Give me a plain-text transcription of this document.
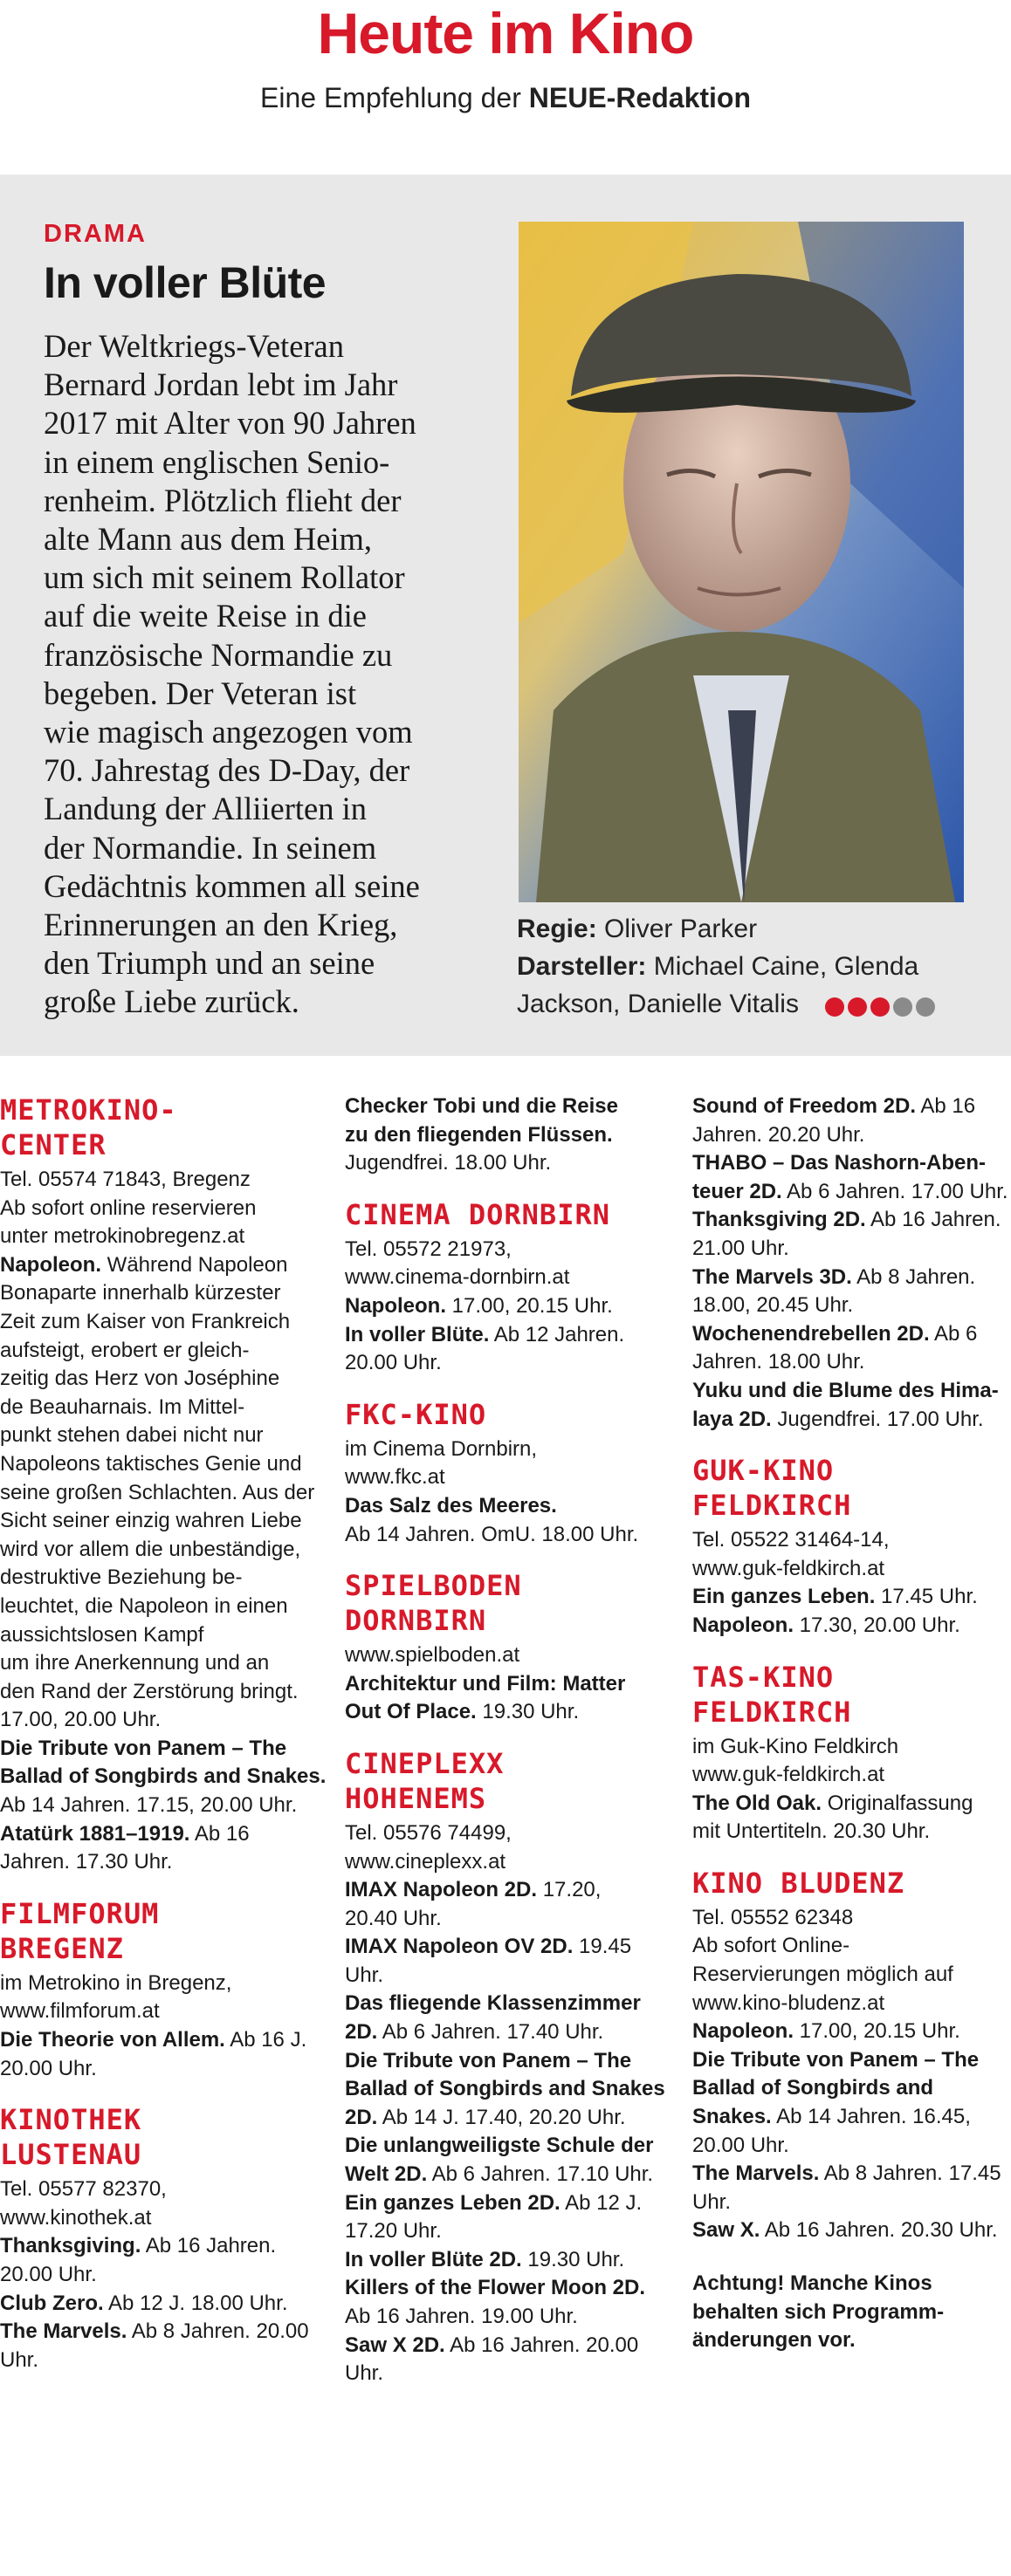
Heute im Kino
Eine Empfehlung der NEUE-Redaktion
DRAMA
In voller Blüte
Der Weltkriegs-Veteran
Bernard Jordan lebt im Jahr
2017 mit Alter von 90 Jahren
in einem englischen Senio-
renheim. Plötzlich flieht der
alte Mann aus dem Heim,
um sich mit seinem Rollator
auf die weite Reise in die
französische Normandie zu
begeben. Der Veteran ist
wie magisch angezogen vom
70. Jahrestag des D-Day, der
Landung der Alliierten in
der Normandie. In seinem
Gedächtnis kommen all seine
Erinnerungen an den Krieg,
den Triumph und an seine
große Liebe zurück.
Regie: Oliver Parker
Darsteller: Michael Caine, Glenda
Jackson, Danielle Vitalis
METROKINO-
CENTER

Tel. 05574 71843, Bregenz

Ab sofort online reservieren

unter metrokinobregenz.at

Napoleon. Während Napoleon

Bonaparte innerhalb kürzester

Zeit zum Kaiser von Frankreich

aufsteigt, erobert er gleich-

zeitig das Herz von Joséphine

de Beauharnais. Im Mittel-

punkt stehen dabei nicht nur

Napoleons taktisches Genie und

seine großen Schlachten. Aus der

Sicht seiner einzig wahren Liebe

wird vor allem die unbeständige,

destruktive Beziehung be-

leuchtet, die Napoleon in einen

aussichtslosen Kampf

um ihre Anerkennung und an

den Rand der Zerstörung bringt.

17.00, 20.00 Uhr.

Die Tribute von Panem – The

Ballad of Songbirds and Snakes.

Ab 14 Jahren. 17.15, 20.00 Uhr.

Atatürk 1881–1919. Ab 16

Jahren. 17.30 Uhr.

FILMFORUM
BREGENZ

im Metrokino in Bregenz,

www.filmforum.at

Die Theorie von Allem. Ab 16 J.

20.00 Uhr.

KINOTHEK
LUSTENAU

Tel. 05577 82370,

www.kinothek.at

Thanksgiving. Ab 16 Jahren.

20.00 Uhr.

Club Zero. Ab 12 J. 18.00 Uhr.

The Marvels. Ab 8 Jahren. 20.00

Uhr.

Checker Tobi und die Reise

zu den fliegenden Flüssen.

Jugendfrei. 18.00 Uhr.

CINEMA DORNBIRN

Tel. 05572 21973,

www.cinema-dornbirn.at

Napoleon. 17.00, 20.15 Uhr.

In voller Blüte. Ab 12 Jahren.

20.00 Uhr.

FKC-KINO

im Cinema Dornbirn,

www.fkc.at

Das Salz des Meeres.

Ab 14 Jahren. OmU. 18.00 Uhr.

SPIELBODEN
DORNBIRN

www.spielboden.at

Architektur und Film: Matter

Out Of Place. 19.30 Uhr.

CINEPLEXX
HOHENEMS

Tel. 05576 74499,

www.cineplexx.at

IMAX Napoleon 2D. 17.20,

20.40 Uhr.

IMAX Napoleon OV 2D. 19.45

Uhr.

Das fliegende Klassenzimmer

2D. Ab 6 Jahren. 17.40 Uhr.

Die Tribute von Panem – The

Ballad of Songbirds and Snakes

2D. Ab 14 J. 17.40, 20.20 Uhr.

Die unlangweiligste Schule der

Welt 2D. Ab 6 Jahren. 17.10 Uhr.

Ein ganzes Leben 2D. Ab 12 J.

17.20 Uhr.

In voller Blüte 2D. 19.30 Uhr.

Killers of the Flower Moon 2D.

Ab 16 Jahren. 19.00 Uhr.

Saw X 2D. Ab 16 Jahren. 20.00

Uhr.

Sound of Freedom 2D. Ab 16

Jahren. 20.20 Uhr.

THABO – Das Nashorn-Aben-

teuer 2D. Ab 6 Jahren. 17.00 Uhr.

Thanksgiving 2D. Ab 16 Jahren.

21.00 Uhr.

The Marvels 3D. Ab 8 Jahren.

18.00, 20.45 Uhr.

Wochenendrebellen 2D. Ab 6

Jahren. 18.00 Uhr.

Yuku und die Blume des Hima-

laya 2D. Jugendfrei. 17.00 Uhr.

GUK-KINO
FELDKIRCH

Tel. 05522 31464-14,

www.guk-feldkirch.at

Ein ganzes Leben. 17.45 Uhr.

Napoleon. 17.30, 20.00 Uhr.

TAS-KINO
FELDKIRCH

im Guk-Kino Feldkirch

www.guk-feldkirch.at

The Old Oak. Originalfassung

mit Untertiteln. 20.30 Uhr.

KINO BLUDENZ

Tel. 05552 62348

Ab sofort Online-

Reservierungen möglich auf

www.kino-bludenz.at

Napoleon. 17.00, 20.15 Uhr.

Die Tribute von Panem – The

Ballad of Songbirds and

Snakes. Ab 14 Jahren. 16.45,

20.00 Uhr.

The Marvels. Ab 8 Jahren. 17.45

Uhr.

Saw X. Ab 16 Jahren. 20.30 Uhr.

Achtung! Manche Kinos
behalten sich Programm-
änderungen vor.
